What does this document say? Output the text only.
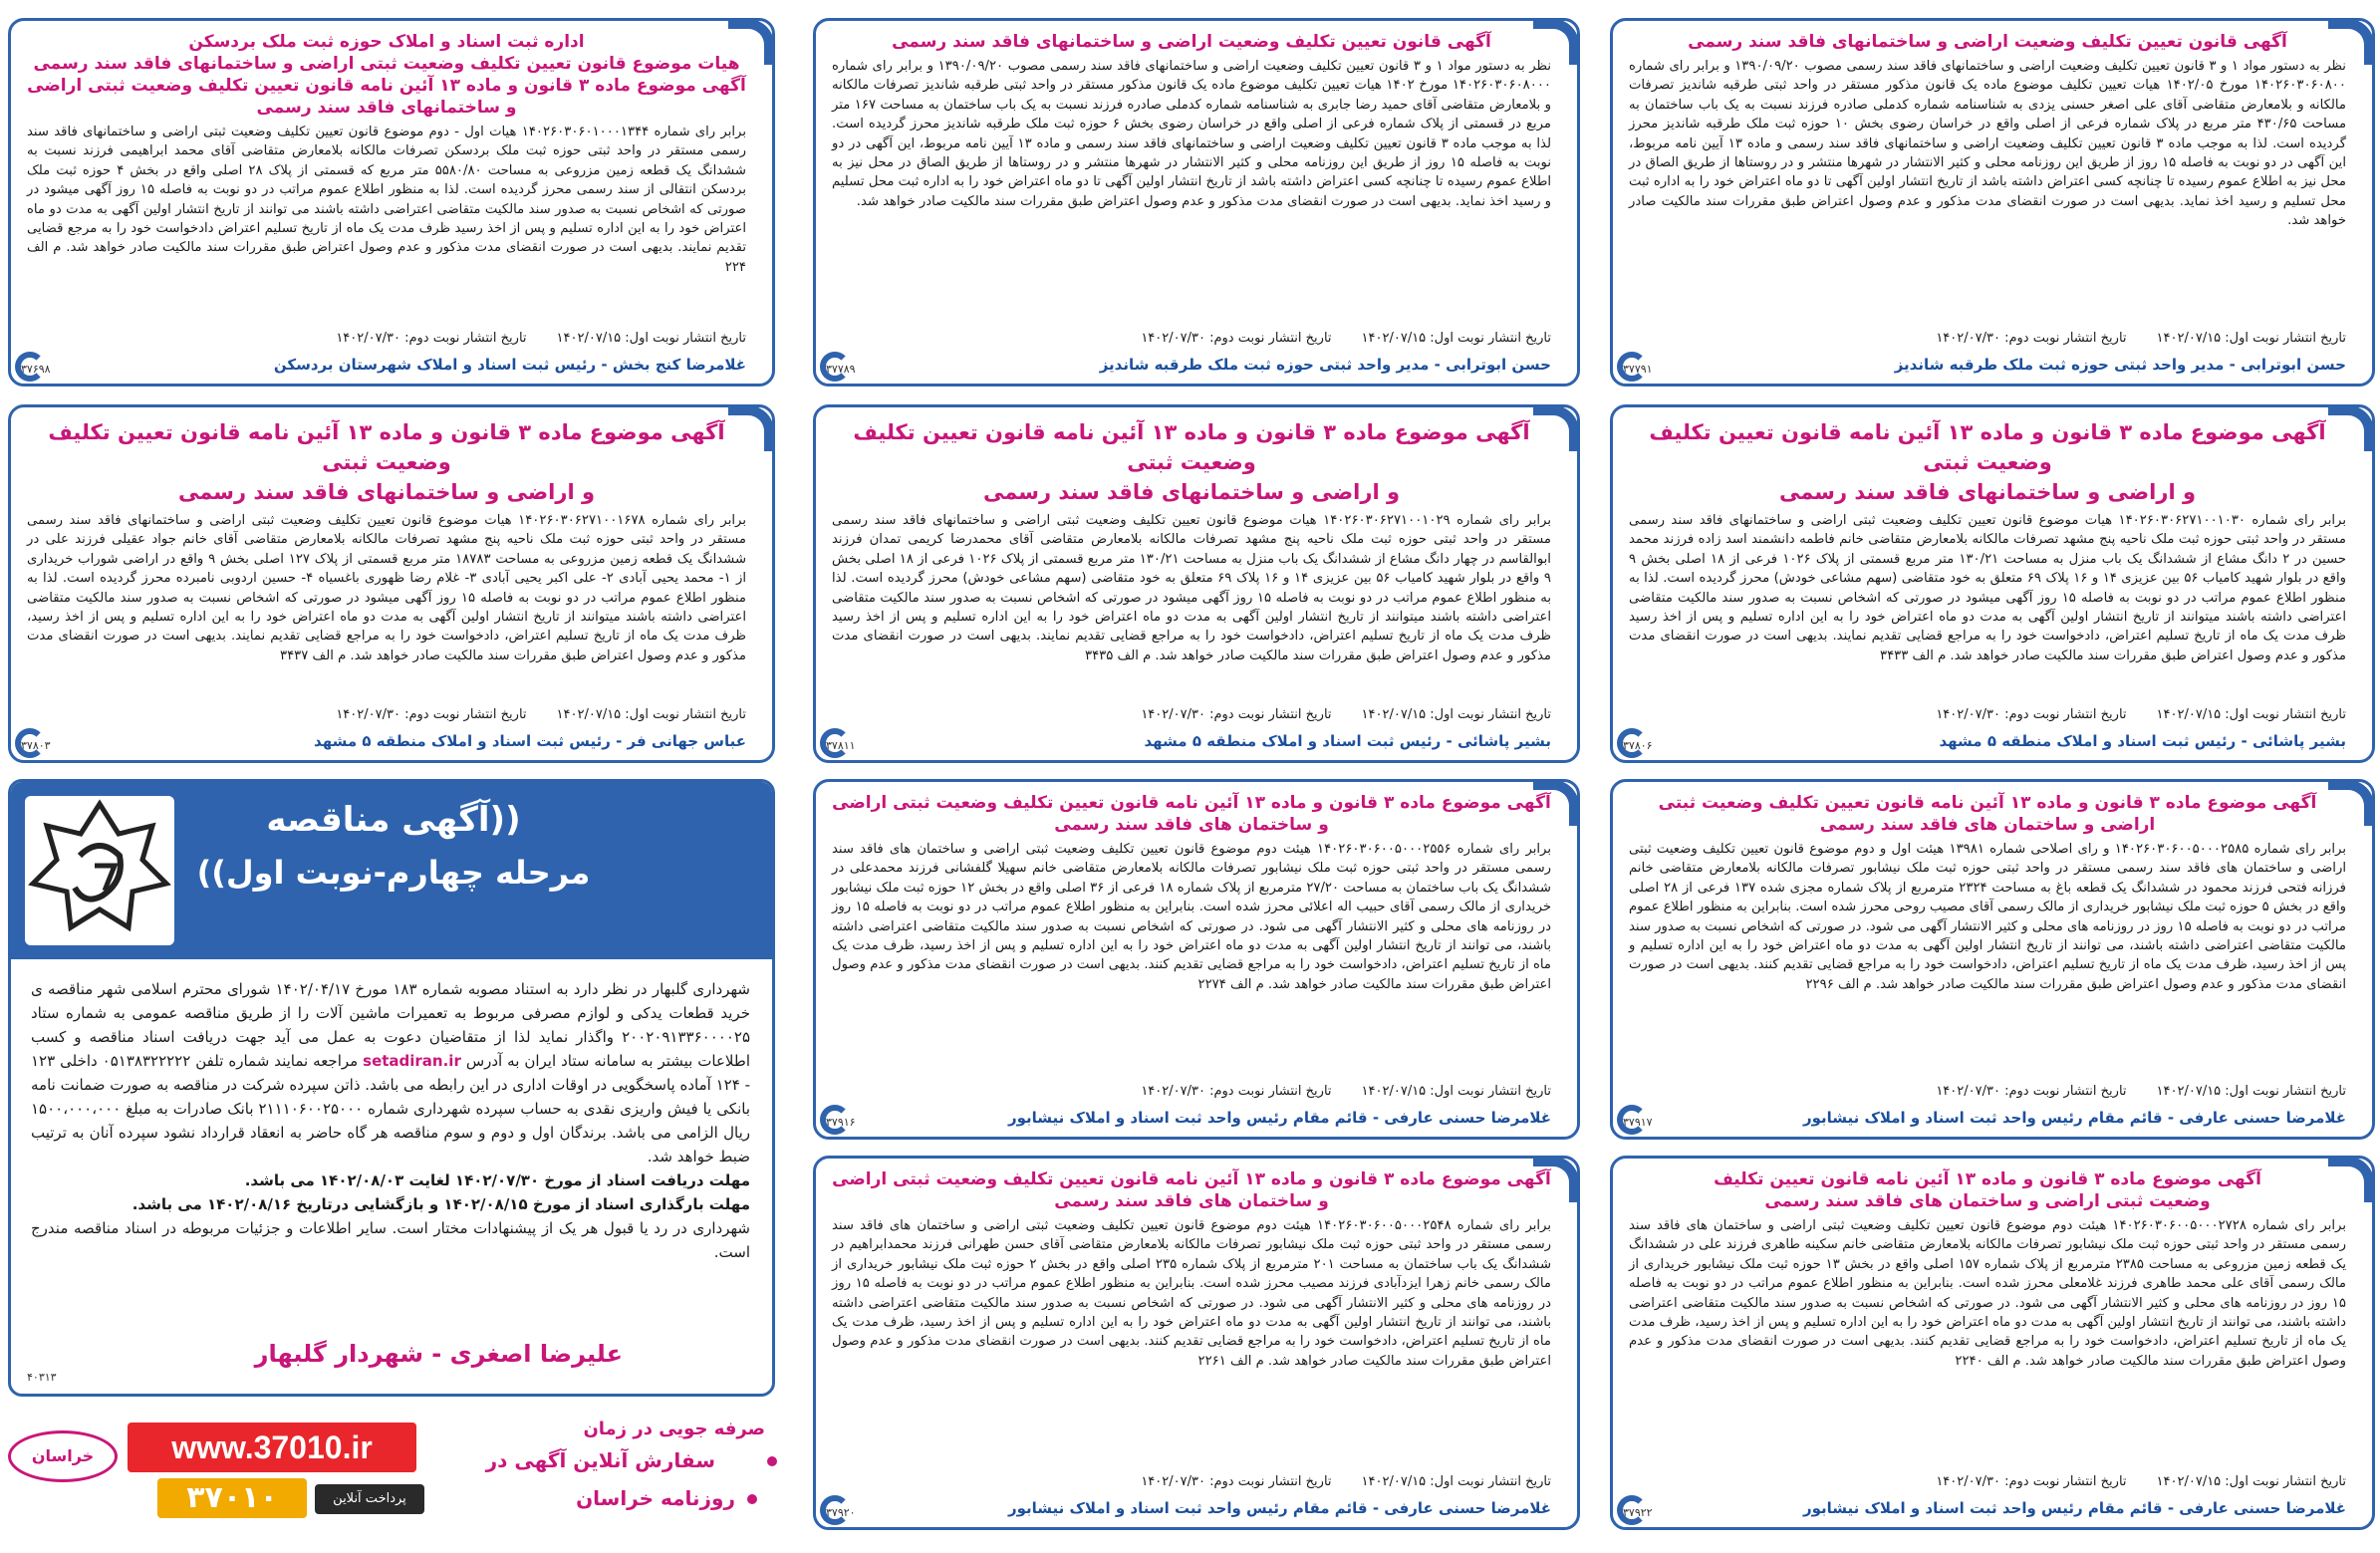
اداره ثبت اسناد و املاک حوزه ثبت ملک بردسکن
هیات موضوع قانون تعیین تکلیف وضعیت ثبتی اراضی و ساختمانهای فاقد سند رسمی
آگهی موضوع ماده ۳ قانون و ماده ۱۳ آئین نامه قانون تعیین تکلیف وضعیت ثبتی اراضی و ساختمانهای فاقد سند رسمی
برابر رای شماره ۱۴۰۲۶۰۳۰۶۰۱۰۰۰۱۳۴۴ هیات اول - دوم موضوع قانون تعیین تکلیف وضعیت ثبتی اراضی و ساختمانهای فاقد سند رسمی مستقر در واحد ثبتی حوزه ثبت ملک بردسکن تصرفات مالکانه بلامعارض متقاضی آقای محمد ابراهیمی فرزند نسبت به ششدانگ یک قطعه زمین مزروعی به مساحت ۵۵۸۰/۸۰ متر مربع که قسمتی از پلاک ۲۸ اصلی واقع در بخش ۴ حوزه ثبت ملک بردسکن انتقالی از سند رسمی محرز گردیده است. لذا به منظور اطلاع عموم مراتب در دو نوبت به فاصله ۱۵ روز آگهی میشود در صورتی که اشخاص نسبت به صدور سند مالکیت متقاضی اعتراضی داشته باشند می توانند از تاریخ انتشار اولین آگهی به مدت دو ماه اعتراض خود را به این اداره تسلیم و پس از اخذ رسید ظرف مدت یک ماه از تاریخ تسلیم اعتراض دادخواست خود را به مرجع قضایی تقدیم نمایند. بدیهی است در صورت انقضای مدت مذکور و عدم وصول اعتراض طبق مقررات سند مالکیت صادر خواهد شد. م الف ۲۲۴
تاریخ انتشار نوبت اول: ۱۴۰۲/۰۷/۱۵تاریخ انتشار نوبت دوم: ۱۴۰۲/۰۷/۳۰
غلامرضا کنج بخش - رئیس ثبت اسناد و املاک شهرستان بردسکن
۳۷۶۹۸
آگهی قانون تعیین تکلیف وضعیت اراضی و ساختمانهای فاقد سند رسمی
نظر به دستور مواد ۱ و ۳ قانون تعیین تکلیف وضعیت اراضی و ساختمانهای فاقد سند رسمی مصوب ۱۳۹۰/۰۹/۲۰ و برابر رای شماره ۱۴۰۲۶۰۳۰۶۰۸۰۰۰ مورخ ۱۴۰۲ هیات تعیین تکلیف موضوع ماده یک قانون مذکور مستقر در واحد ثبتی طرقبه شاندیز تصرفات مالکانه و بلامعارض متقاضی آقای حمید رضا جابری به شناسنامه شماره کدملی صادره فرزند نسبت به یک باب ساختمان به مساحت ۱۶۷ متر مربع در قسمتی از پلاک شماره فرعی از اصلی واقع در خراسان رضوی بخش ۶ حوزه ثبت ملک طرقبه شاندیز محرز گردیده است. لذا به موجب ماده ۳ قانون تعیین تکلیف وضعیت اراضی و ساختمانهای فاقد سند رسمی و ماده ۱۳ آیین نامه مربوط، این آگهی در دو نوبت به فاصله ۱۵ روز از طریق این روزنامه محلی و کثیر الانتشار در شهرها منتشر و در روستاها از طریق الصاق در محل نیز به اطلاع عموم رسیده تا چنانچه کسی اعتراض داشته باشد از تاریخ انتشار اولین آگهی تا دو ماه اعتراض خود را به اداره ثبت محل تسلیم و رسید اخذ نماید. بدیهی است در صورت انقضای مدت مذکور و عدم وصول اعتراض طبق مقررات سند مالکیت صادر خواهد شد.
تاریخ انتشار نوبت اول: ۱۴۰۲/۰۷/۱۵تاریخ انتشار نوبت دوم: ۱۴۰۲/۰۷/۳۰
حسن ابوترابی - مدیر واحد ثبتی حوزه ثبت ملک طرقبه شاندیز
۳۷۷۸۹
آگهی قانون تعیین تکلیف وضعیت اراضی و ساختمانهای فاقد سند رسمی
نظر به دستور مواد ۱ و ۳ قانون تعیین تکلیف وضعیت اراضی و ساختمانهای فاقد سند رسمی مصوب ۱۳۹۰/۰۹/۲۰ و برابر رای شماره ۱۴۰۲۶۰۳۰۶۰۸۰۰ مورخ ۱۴۰۲/۰۵ هیات تعیین تکلیف موضوع ماده یک قانون مذکور مستقر در واحد ثبتی طرقبه شاندیز تصرفات مالکانه و بلامعارض متقاضی آقای علی اصغر حسنی یزدی به شناسنامه شماره کدملی صادره فرزند نسبت به یک باب ساختمان به مساحت ۴۳۰/۶۵ متر مربع در پلاک شماره فرعی از اصلی واقع در خراسان رضوی بخش ۱۰ حوزه ثبت ملک طرقبه شاندیز محرز گردیده است. لذا به موجب ماده ۳ قانون تعیین تکلیف وضعیت اراضی و ساختمانهای فاقد سند رسمی و ماده ۱۳ آیین نامه مربوط، این آگهی در دو نوبت به فاصله ۱۵ روز از طریق این روزنامه محلی و کثیر الانتشار در شهرها منتشر و در روستاها از طریق الصاق در محل نیز به اطلاع عموم رسیده تا چنانچه کسی اعتراض داشته باشد از تاریخ انتشار اولین آگهی تا دو ماه اعتراض خود را به اداره ثبت محل تسلیم و رسید اخذ نماید. بدیهی است در صورت انقضای مدت مذکور و عدم وصول اعتراض طبق مقررات سند مالکیت صادر خواهد شد.
تاریخ انتشار نوبت اول: ۱۴۰۲/۰۷/۱۵تاریخ انتشار نوبت دوم: ۱۴۰۲/۰۷/۳۰
حسن ابوترابی - مدیر واحد ثبتی حوزه ثبت ملک طرقبه شاندیز
۳۷۷۹۱
آگهی موضوع ماده ۳ قانون و ماده ۱۳ آئین نامه قانون تعیین تکلیف وضعیت ثبتی
و اراضی و ساختمانهای فاقد سند رسمی
برابر رای شماره ۱۴۰۲۶۰۳۰۶۲۷۱۰۰۱۶۷۸ هیات موضوع قانون تعیین تکلیف وضعیت ثبتی اراضی و ساختمانهای فاقد سند رسمی مستقر در واحد ثبتی حوزه ثبت ملک ناحیه پنج مشهد تصرفات مالکانه بلامعارض متقاضی آقای خانم جواد عقیلی فرزند علی در ششدانگ یک قطعه زمین مزروعی به مساحت ۱۸۷۸۳ متر مربع قسمتی از پلاک ۱۲۷ اصلی بخش ۹ واقع در اراضی شوراب خریداری از ۱- محمد یحیی آبادی ۲- علی اکبر یحیی آبادی ۳- غلام رضا ظهوری باغسیاه ۴- حسین اردوبی نامبرده محرز گردیده است. لذا به منظور اطلاع عموم مراتب در دو نوبت به فاصله ۱۵ روز آگهی میشود در صورتی که اشخاص نسبت به صدور سند مالکیت متقاضی اعتراضی داشته باشند میتوانند از تاریخ انتشار اولین آگهی به مدت دو ماه اعتراض خود را به این اداره تسلیم و پس از اخذ رسید، ظرف مدت یک ماه از تاریخ تسلیم اعتراض، دادخواست خود را به مراجع قضایی تقدیم نمایند. بدیهی است در صورت انقضای مدت مذکور و عدم وصول اعتراض طبق مقررات سند مالکیت صادر خواهد شد. م الف ۳۴۳۷
تاریخ انتشار نوبت اول: ۱۴۰۲/۰۷/۱۵تاریخ انتشار نوبت دوم: ۱۴۰۲/۰۷/۳۰
عباس جهانی فر - رئیس ثبت اسناد و املاک منطقه ۵ مشهد
۳۷۸۰۳
آگهی موضوع ماده ۳ قانون و ماده ۱۳ آئین نامه قانون تعیین تکلیف وضعیت ثبتی
و اراضی و ساختمانهای فاقد سند رسمی
برابر رای شماره ۱۴۰۲۶۰۳۰۶۲۷۱۰۰۱۰۲۹ هیات موضوع قانون تعیین تکلیف وضعیت ثبتی اراضی و ساختمانهای فاقد سند رسمی مستقر در واحد ثبتی حوزه ثبت ملک ناحیه پنج مشهد تصرفات مالکانه بلامعارض متقاضی آقای محمدرضا کریمی تمدان فرزند ابوالقاسم در چهار دانگ مشاع از ششدانگ یک باب منزل به مساحت ۱۳۰/۲۱ متر مربع قسمتی از پلاک ۱۰۲۶ فرعی از ۱۸ اصلی بخش ۹ واقع در بلوار شهید کامیاب ۵۶ بین عزیزی ۱۴ و ۱۶ پلاک ۶۹ متعلق به خود متقاضی (سهم مشاعی خودش) محرز گردیده است. لذا به منظور اطلاع عموم مراتب در دو نوبت به فاصله ۱۵ روز آگهی میشود در صورتی که اشخاص نسبت به صدور سند مالکیت متقاضی اعتراضی داشته باشند میتوانند از تاریخ انتشار اولین آگهی به مدت دو ماه اعتراض خود را به این اداره تسلیم و پس از اخذ رسید ظرف مدت یک ماه از تاریخ تسلیم اعتراض، دادخواست خود را به مراجع قضایی تقدیم نمایند. بدیهی است در صورت انقضای مدت مذکور و عدم وصول اعتراض طبق مقررات سند مالکیت صادر خواهد شد. م الف ۳۴۳۵
تاریخ انتشار نوبت اول: ۱۴۰۲/۰۷/۱۵تاریخ انتشار نوبت دوم: ۱۴۰۲/۰۷/۳۰
بشیر پاشائی - رئیس ثبت اسناد و املاک منطقه ۵ مشهد
۳۷۸۱۱
آگهی موضوع ماده ۳ قانون و ماده ۱۳ آئین نامه قانون تعیین تکلیف وضعیت ثبتی
و اراضی و ساختمانهای فاقد سند رسمی
برابر رای شماره ۱۴۰۲۶۰۳۰۶۲۷۱۰۰۱۰۳۰ هیات موضوع قانون تعیین تکلیف وضعیت ثبتی اراضی و ساختمانهای فاقد سند رسمی مستقر در واحد ثبتی حوزه ثبت ملک ناحیه پنج مشهد تصرفات مالکانه بلامعارض متقاضی خانم فاطمه دانشمند اسد زاده فرزند محمد حسین در ۲ دانگ مشاع از ششدانگ یک باب منزل به مساحت ۱۳۰/۲۱ متر مربع قسمتی از پلاک ۱۰۲۶ فرعی از ۱۸ اصلی بخش ۹ واقع در بلوار شهید کامیاب ۵۶ بین عزیزی ۱۴ و ۱۶ پلاک ۶۹ متعلق به خود متقاضی (سهم مشاعی خودش) محرز گردیده است. لذا به منظور اطلاع عموم مراتب در دو نوبت به فاصله ۱۵ روز آگهی میشود در صورتی که اشخاص نسبت به صدور سند مالکیت متقاضی اعتراضی داشته باشند میتوانند از تاریخ انتشار اولین آگهی به مدت دو ماه اعتراض خود را به این اداره تسلیم و پس از اخذ رسید ظرف مدت یک ماه از تاریخ تسلیم اعتراض، دادخواست خود را به مراجع قضایی تقدیم نمایند. بدیهی است در صورت انقضای مدت مذکور و عدم وصول اعتراض طبق مقررات سند مالکیت صادر خواهد شد. م الف ۳۴۳۳
تاریخ انتشار نوبت اول: ۱۴۰۲/۰۷/۱۵تاریخ انتشار نوبت دوم: ۱۴۰۲/۰۷/۳۰
بشیر پاشائی - رئیس ثبت اسناد و املاک منطقه ۵ مشهد
۳۷۸۰۶
آگهی موضوع ماده ۳ قانون و ماده ۱۳ آئین نامه قانون تعیین تکلیف وضعیت ثبتی اراضی و ساختمان های فاقد سند رسمی
برابر رای شماره ۱۴۰۲۶۰۳۰۶۰۰۵۰۰۰۲۵۵۶ هیئت دوم موضوع قانون تعیین تکلیف وضعیت ثبتی اراضی و ساختمان های فاقد سند رسمی مستقر در واحد ثبتی حوزه ثبت ملک نیشابور تصرفات مالکانه بلامعارض متقاضی خانم سهیلا گلفشانی فرزند محمدعلی در ششدانگ یک باب ساختمان به مساحت ۲۷/۲۰ مترمربع از پلاک شماره ۱۸ فرعی از ۳۶ اصلی واقع در بخش ۱۲ حوزه ثبت ملک نیشابور خریداری از مالک رسمی آقای حبیب اله اعلائی محرز شده است. بنابراین به منظور اطلاع عموم مراتب در دو نوبت به فاصله ۱۵ روز در روزنامه های محلی و کثیر الانتشار آگهی می شود. در صورتی که اشخاص نسبت به صدور سند مالکیت متقاضی اعتراضی داشته باشند، می توانند از تاریخ انتشار اولین آگهی به مدت دو ماه اعتراض خود را به این اداره تسلیم و پس از اخذ رسید، ظرف مدت یک ماه از تاریخ تسلیم اعتراض، دادخواست خود را به مراجع قضایی تقدیم کنند. بدیهی است در صورت انقضای مدت مذکور و عدم وصول اعتراض طبق مقررات سند مالکیت صادر خواهد شد. م الف ۲۲۷۴
تاریخ انتشار نوبت اول: ۱۴۰۲/۰۷/۱۵تاریخ انتشار نوبت دوم: ۱۴۰۲/۰۷/۳۰
غلامرضا حسنی عارفی - قائم مقام رئیس واحد ثبت اسناد و املاک نیشابور
۳۷۹۱۶
آگهی موضوع ماده ۳ قانون و ماده ۱۳ آئین نامه قانون تعیین تکلیف وضعیت ثبتی اراضی و ساختمان های فاقد سند رسمی
برابر رای شماره ۱۴۰۲۶۰۳۰۶۰۰۵۰۰۰۲۵۸۵ و رای اصلاحی شماره ۱۳۹۸۱ هیئت اول و دوم موضوع قانون تعیین تکلیف وضعیت ثبتی اراضی و ساختمان های فاقد سند رسمی مستقر در واحد ثبتی حوزه ثبت ملک نیشابور تصرفات مالکانه بلامعارض متقاضی خانم فرزانه فتحی فرزند محمود در ششدانگ یک قطعه باغ به مساحت ۲۳۲۴ مترمربع از پلاک شماره مجزی شده ۱۳۷ فرعی از ۲۸ اصلی واقع در بخش ۵ حوزه ثبت ملک نیشابور خریداری از مالک رسمی آقای مصیب روحی محرز شده است. بنابراین به منظور اطلاع عموم مراتب در دو نوبت به فاصله ۱۵ روز در روزنامه های محلی و کثیر الانتشار آگهی می شود. در صورتی که اشخاص نسبت به صدور سند مالکیت متقاضی اعتراضی داشته باشند، می توانند از تاریخ انتشار اولین آگهی به مدت دو ماه اعتراض خود را به این اداره تسلیم و پس از اخذ رسید، ظرف مدت یک ماه از تاریخ تسلیم اعتراض، دادخواست خود را به مراجع قضایی تقدیم کنند. بدیهی است در صورت انقضای مدت مذکور و عدم وصول اعتراض طبق مقررات سند مالکیت صادر خواهد شد. م الف ۲۲۹۶
تاریخ انتشار نوبت اول: ۱۴۰۲/۰۷/۱۵تاریخ انتشار نوبت دوم: ۱۴۰۲/۰۷/۳۰
غلامرضا حسنی عارفی - قائم مقام رئیس واحد ثبت اسناد و املاک نیشابور
۳۷۹۱۷
آگهی موضوع ماده ۳ قانون و ماده ۱۳ آئین نامه قانون تعیین تکلیف وضعیت ثبتی اراضی و ساختمان های فاقد سند رسمی
برابر رای شماره ۱۴۰۲۶۰۳۰۶۰۰۵۰۰۰۲۵۴۸ هیئت دوم موضوع قانون تعیین تکلیف وضعیت ثبتی اراضی و ساختمان های فاقد سند رسمی مستقر در واحد ثبتی حوزه ثبت ملک نیشابور تصرفات مالکانه بلامعارض متقاضی آقای حسن طهرانی فرزند محمدابراهیم در ششدانگ یک باب ساختمان به مساحت ۲۰۱ مترمربع از پلاک شماره ۲۳۵ اصلی واقع در بخش ۲ حوزه ثبت ملک نیشابور خریداری از مالک رسمی خانم زهرا ایزدآبادی فرزند مصیب محرز شده است. بنابراین به منظور اطلاع عموم مراتب در دو نوبت به فاصله ۱۵ روز در روزنامه های محلی و کثیر الانتشار آگهی می شود. در صورتی که اشخاص نسبت به صدور سند مالکیت متقاضی اعتراضی داشته باشند، می توانند از تاریخ انتشار اولین آگهی به مدت دو ماه اعتراض خود را به این اداره تسلیم و پس از اخذ رسید، ظرف مدت یک ماه از تاریخ تسلیم اعتراض، دادخواست خود را به مراجع قضایی تقدیم کنند. بدیهی است در صورت انقضای مدت مذکور و عدم وصول اعتراض طبق مقررات سند مالکیت صادر خواهد شد. م الف ۲۲۶۱
تاریخ انتشار نوبت اول: ۱۴۰۲/۰۷/۱۵تاریخ انتشار نوبت دوم: ۱۴۰۲/۰۷/۳۰
غلامرضا حسنی عارفی - قائم مقام رئیس واحد ثبت اسناد و املاک نیشابور
۳۷۹۲۰
آگهی موضوع ماده ۳ قانون و ماده ۱۳ آئین نامه قانون تعیین تکلیف
وضعیت ثبتی اراضی و ساختمان های فاقد سند رسمی
برابر رای شماره ۱۴۰۲۶۰۳۰۶۰۰۵۰۰۰۲۷۲۸ هیئت دوم موضوع قانون تعیین تکلیف وضعیت ثبتی اراضی و ساختمان های فاقد سند رسمی مستقر در واحد ثبتی حوزه ثبت ملک نیشابور تصرفات مالکانه بلامعارض متقاضی خانم سکینه طاهری فرزند علی در ششدانگ یک قطعه زمین مزروعی به مساحت ۲۳۸۵ مترمربع از پلاک شماره ۱۵۷ اصلی واقع در بخش ۱۳ حوزه ثبت ملک نیشابور خریداری از مالک رسمی آقای علی محمد طاهری فرزند غلامعلی محرز شده است. بنابراین به منظور اطلاع عموم مراتب در دو نوبت به فاصله ۱۵ روز در روزنامه های محلی و کثیر الانتشار آگهی می شود. در صورتی که اشخاص نسبت به صدور سند مالکیت متقاضی اعتراضی داشته باشند، می توانند از تاریخ انتشار اولین آگهی به مدت دو ماه اعتراض خود را به این اداره تسلیم و پس از اخذ رسید، ظرف مدت یک ماه از تاریخ تسلیم اعتراض، دادخواست خود را به مراجع قضایی تقدیم کنند. بدیهی است در صورت انقضای مدت مذکور و عدم وصول اعتراض طبق مقررات سند مالکیت صادر خواهد شد. م الف ۲۲۴۰
تاریخ انتشار نوبت اول: ۱۴۰۲/۰۷/۱۵تاریخ انتشار نوبت دوم: ۱۴۰۲/۰۷/۳۰
غلامرضا حسنی عارفی - قائم مقام رئیس واحد ثبت اسناد و املاک نیشابور
۳۷۹۲۲
((آگهی مناقصه
مرحله چهارم-نوبت اول))
شهرداری گلبهار در نظر دارد به استناد مصوبه شماره ۱۸۳ مورخ ۱۴۰۲/۰۴/۱۷ شورای محترم اسلامی شهر مناقصه ی خرید قطعات یدکی و لوازم مصرفی مربوط به تعمیرات ماشین آلات را از طریق مناقصه عمومی به شماره ستاد ۲۰۰۲۰۹۱۳۳۶۰۰۰۰۲۵ واگذار نماید لذا از متقاضیان دعوت به عمل می آید جهت دریافت اسناد مناقصه و کسب اطلاعات بیشتر به سامانه ستاد ایران به آدرس setadiran.ir مراجعه نمایند شماره تلفن ۰۵۱۳۸۳۲۲۲۲۲ داخلی ۱۲۳ - ۱۲۴ آماده پاسخگویی در اوقات اداری در این رابطه می باشد. ذاتن سپرده شرکت در مناقصه به صورت ضمانت نامه بانکی یا فیش واریزی نقدی به حساب سپرده شهرداری شماره ۲۱۱۱۰۶۰۰۲۵۰۰۰ بانک صادرات به مبلغ ۱۵۰۰،۰۰۰،۰۰۰ ریال الزامی می باشد. برندگان اول و دوم و سوم مناقصه هر گاه حاضر به انعقاد قرارداد نشود سپرده آنان به ترتیب ضبط خواهد شد.
مهلت دریافت اسناد از مورخ ۱۴۰۲/۰۷/۳۰ لغایت ۱۴۰۲/۰۸/۰۳ می باشد.
مهلت بارگذاری اسناد از مورخ ۱۴۰۲/۰۸/۱۵ و بازگشایی درتاریخ ۱۴۰۲/۰۸/۱۶ می باشد.
شهرداری در رد یا قبول هر یک از پیشنهادات مختار است. سایر اطلاعات و جزئیات مربوطه در اسناد مناقصه مندرج است.
علیرضا اصغری - شهردار گلبهار
۴۰۳۱۳
صرفه جویی در زمان
سفارش آنلاین آگهی در
روزنامه خراسان
www.37010.ir
۳۷۰۱۰	پرداخت آنلاین
خراسان
